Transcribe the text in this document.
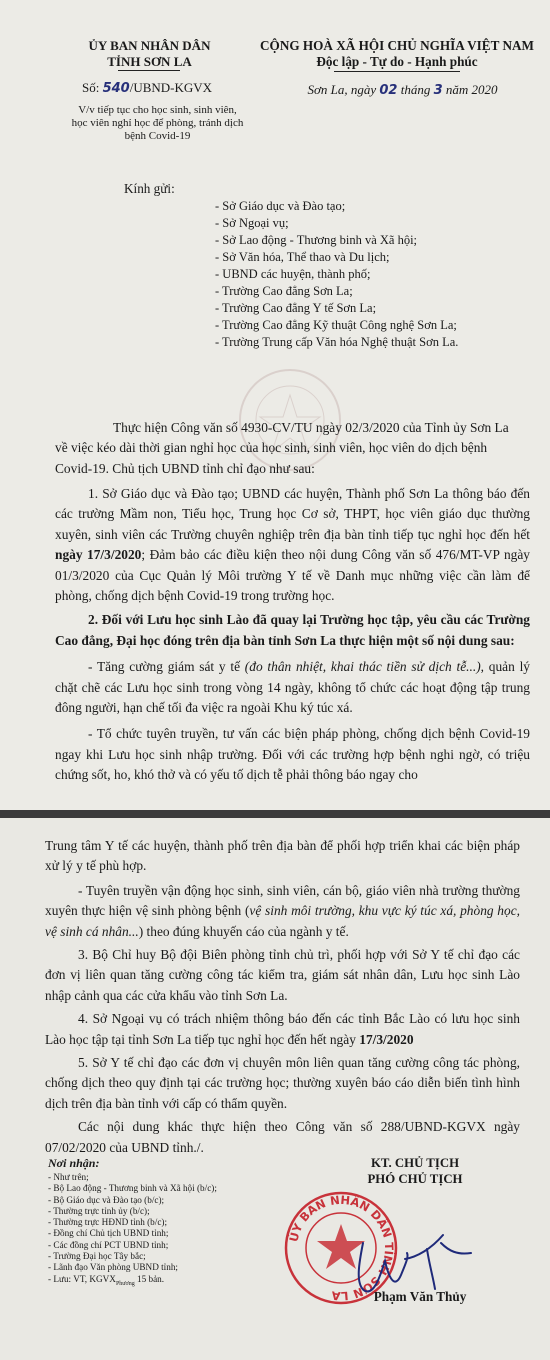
ỦY BAN NHÂN DÂN
TỈNH SƠN LA
Số: 540/UBND-KGVX
V/v tiếp tục cho học sinh, sinh viên,
học viên nghỉ học để phòng, tránh dịch
bệnh Covid-19
CỘNG HOÀ XÃ HỘI CHỦ NGHĨA VIỆT NAM
Độc lập - Tự do - Hạnh phúc
Sơn La, ngày 02 tháng 3 năm 2020
Kính gửi:
- Sở Giáo dục và Đào tạo;
- Sở Ngoại vụ;
- Sở Lao động - Thương binh và Xã hội;
- Sở Văn hóa, Thể thao và Du lịch;
- UBND các huyện, thành phố;
- Trường Cao đẳng Sơn La;
- Trường Cao đẳng Y tế Sơn La;
- Trường Cao đẳng Kỹ thuật Công nghệ Sơn La;
- Trường Trung cấp Văn hóa Nghệ thuật Sơn La.
Thực hiện Công văn số 4930-CV/TU ngày 02/3/2020 của Tỉnh ủy Sơn La
về việc kéo dài thời gian nghỉ học của học sinh, sinh viên, học viên do dịch bệnh
Covid-19. Chủ tịch UBND tỉnh chỉ đạo như sau:

1. Sở Giáo dục và Đào tạo; UBND các huyện, Thành phố Sơn La thông báo đến các trường Mầm non, Tiểu học, Trung học Cơ sở, THPT, học viên giáo dục thường xuyên, sinh viên các Trường chuyên nghiệp trên địa bàn tỉnh tiếp tục nghỉ học đến hết ngày 17/3/2020; Đảm bảo các điều kiện theo nội dung Công văn số 476/MT-VP ngày 01/3/2020 của Cục Quản lý Môi trường Y tế về Danh mục những việc cần làm để phòng, chống dịch bệnh Covid-19 trong trường học.

2. Đối với Lưu học sinh Lào đã quay lại Trường học tập, yêu cầu các Trường Cao đẳng, Đại học đóng trên địa bàn tỉnh Sơn La thực hiện một số nội dung sau:

- Tăng cường giám sát y tế (đo thân nhiệt, khai thác tiền sử dịch tễ...), quản lý chặt chẽ các Lưu học sinh trong vòng 14 ngày, không tổ chức các hoạt động tập trung đông người, hạn chế tối đa việc ra ngoài Khu ký túc xá.

- Tổ chức tuyên truyền, tư vấn các biện pháp phòng, chống dịch bệnh Covid-19 ngay khi Lưu học sinh nhập trường. Đối với các trường hợp bệnh nghi ngờ, có triệu chứng sốt, ho, khó thở và có yếu tố dịch tễ phải thông báo ngay cho

Trung tâm Y tế các huyện, thành phố trên địa bàn để phối hợp triển khai các biện pháp xử lý y tế phù hợp.

- Tuyên truyền vận động học sinh, sinh viên, cán bộ, giáo viên nhà trường thường xuyên thực hiện vệ sinh phòng bệnh (vệ sinh môi trường, khu vực ký túc xá, phòng học, vệ sinh cá nhân...) theo đúng khuyến cáo của ngành y tế.

3. Bộ Chỉ huy Bộ đội Biên phòng tỉnh chủ trì, phối hợp với Sở Y tế chỉ đạo các đơn vị liên quan tăng cường công tác kiểm tra, giám sát nhân dân, Lưu học sinh Lào nhập cảnh qua các cửa khẩu vào tỉnh Sơn La.

4. Sở Ngoại vụ có trách nhiệm thông báo đến các tỉnh Bắc Lào có lưu học sinh Lào học tập tại tỉnh Sơn La tiếp tục nghỉ học đến hết ngày 17/3/2020

5. Sở Y tế chỉ đạo các đơn vị chuyên môn liên quan tăng cường công tác phòng, chống dịch theo quy định tại các trường học; thường xuyên báo cáo diễn biến tình hình dịch trên địa bàn tỉnh với cấp có thẩm quyền.

Các nội dung khác thực hiện theo Công văn số 288/UBND-KGVX ngày 07/02/2020 của UBND tỉnh./.

Nơi nhận:
- Như trên;
- Bộ Lao động - Thương binh và Xã hội (b/c);
- Bộ Giáo dục và Đào tạo (b/c);
- Thường trực tỉnh ủy (b/c);
- Thường trực HĐND tỉnh (b/c);
- Đồng chí Chủ tịch UBND tỉnh;
- Các đồng chí PCT UBND tỉnh;
- Trường Đại học Tây bắc;
- Lãnh đạo Văn phòng UBND tỉnh;
- Lưu: VT, $KGVX_{Phương}$ 15 bản.
KT. CHỦ TỊCH
PHÓ CHỦ TỊCH
ỦY BAN NHÂN DÂN TỈNH SƠN LA	Phạm Văn Thủy
